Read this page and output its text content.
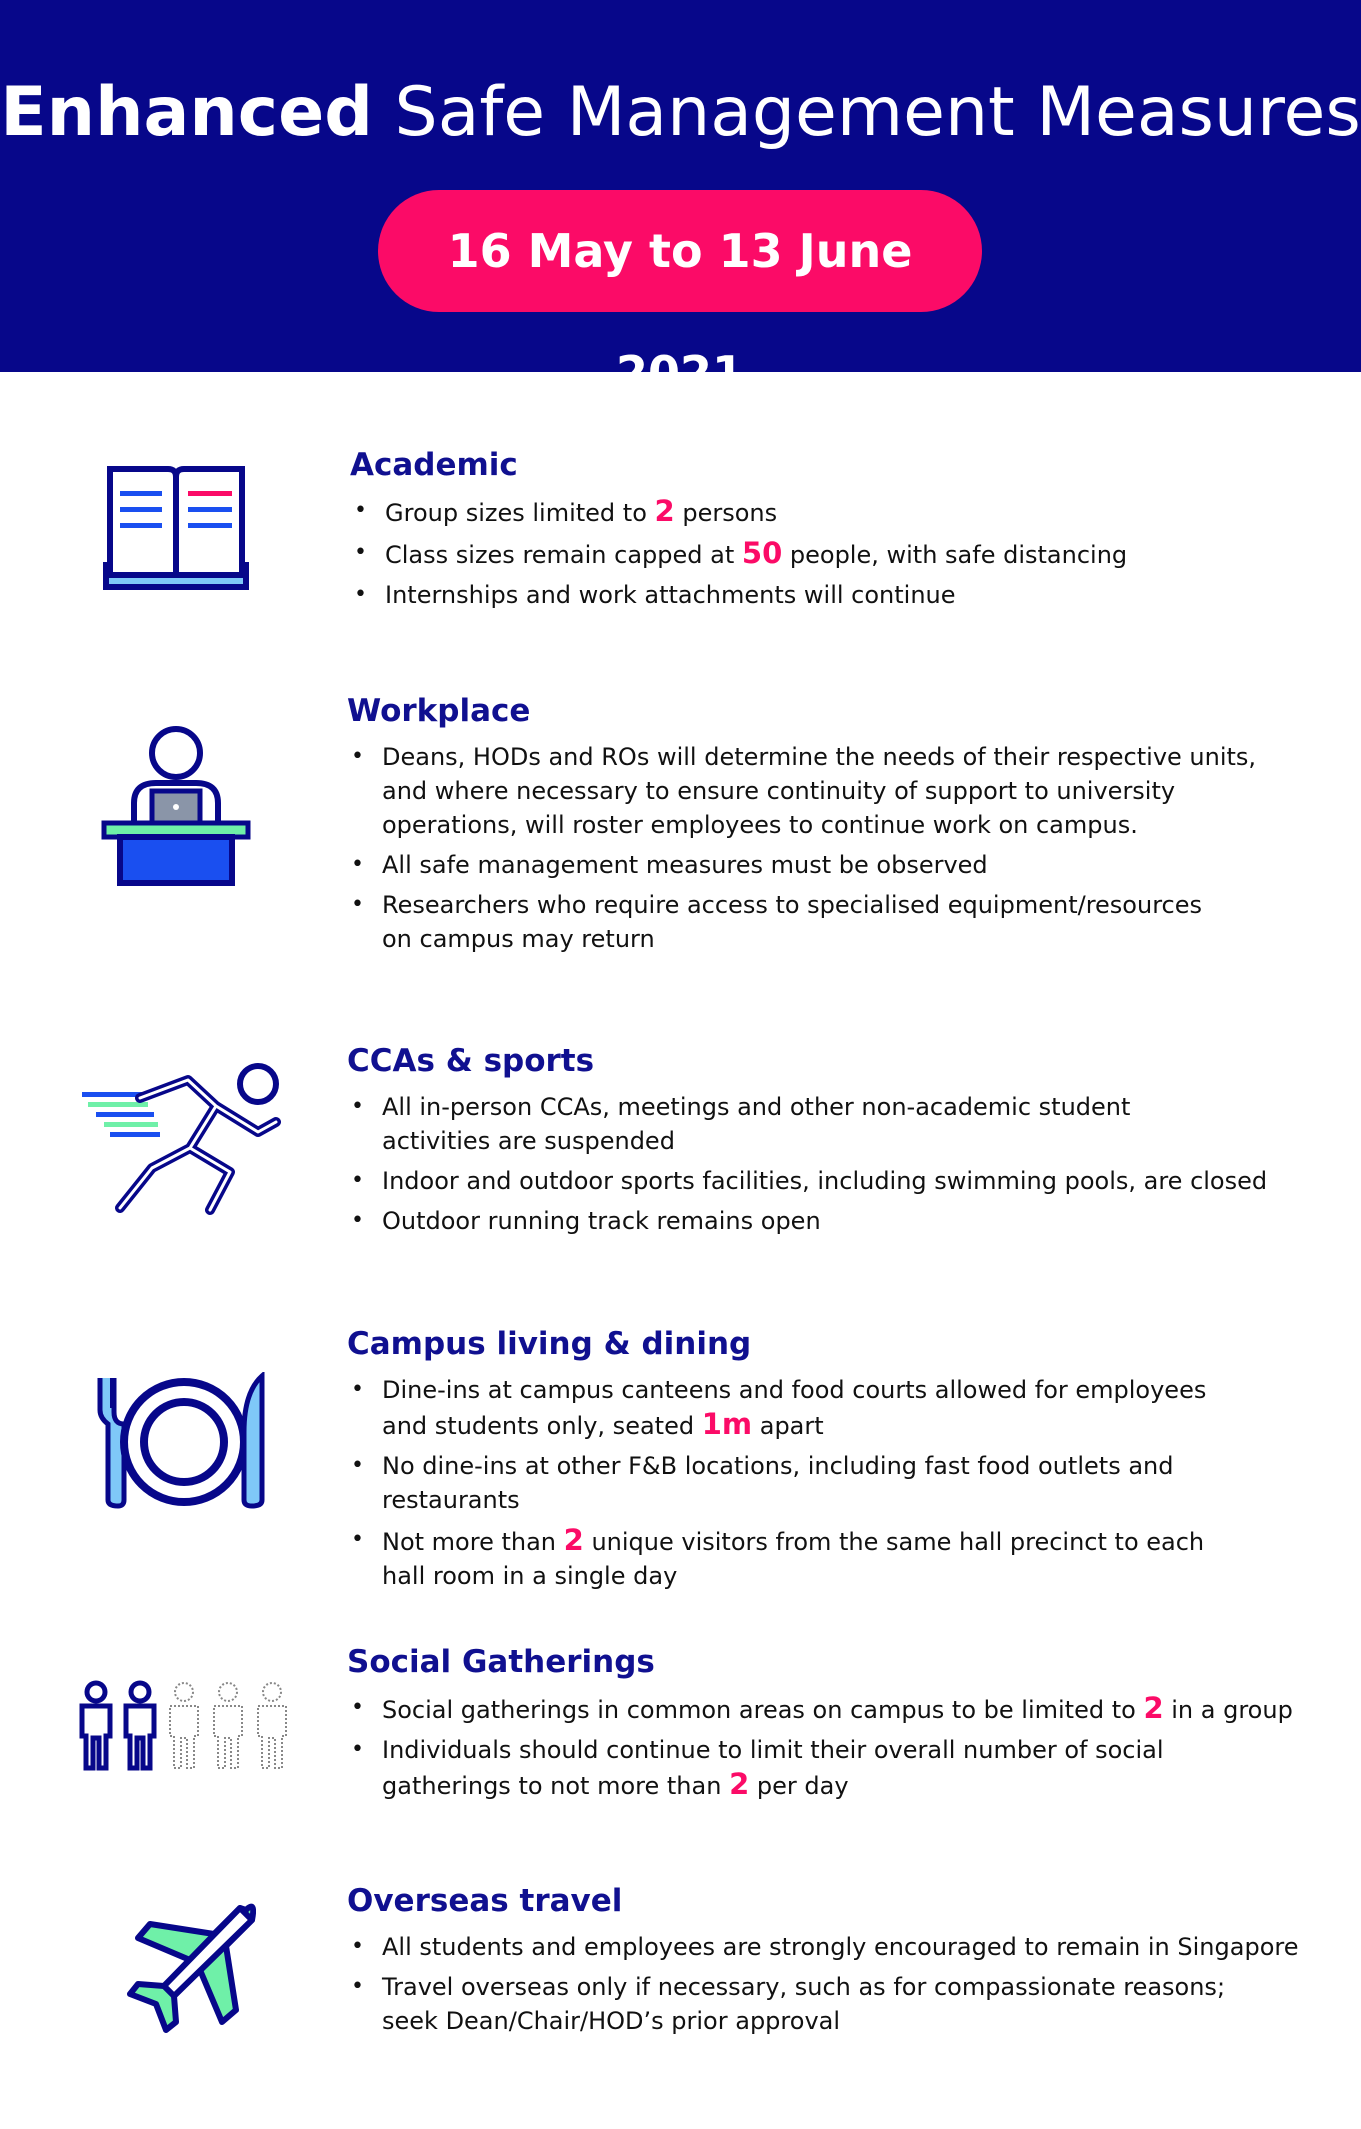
Enhanced Safe Management Measures
16 May to 13 June 2021
Academic
• Group sizes limited to 2 persons
• Class sizes remain capped at 50 people, with safe distancing
• Internships and work attachments will continue
Workplace
• Deans, HODs and ROs will determine the needs of their respective units, and where necessary to ensure continuity of support to university operations, will roster employees to continue work on campus.
• All safe management measures must be observed
• Researchers who require access to specialised equipment/resources on campus may return
CCAs & sports
• All in-person CCAs, meetings and other non-academic student activities are suspended
• Indoor and outdoor sports facilities, including swimming pools, are closed
• Outdoor running track remains open
Campus living & dining
• Dine-ins at campus canteens and food courts allowed for employees and students only, seated 1m apart
• No dine-ins at other F&B locations, including fast food outlets and restaurants
• Not more than 2 unique visitors from the same hall precinct to each hall room in a single day
Social Gatherings
• Social gatherings in common areas on campus to be limited to 2 in a group
• Individuals should continue to limit their overall number of social gatherings to not more than 2 per day
Overseas travel
• All students and employees are strongly encouraged to remain in Singapore
• Travel overseas only if necessary, such as for compassionate reasons; seek Dean/Chair/HOD’s prior approval
